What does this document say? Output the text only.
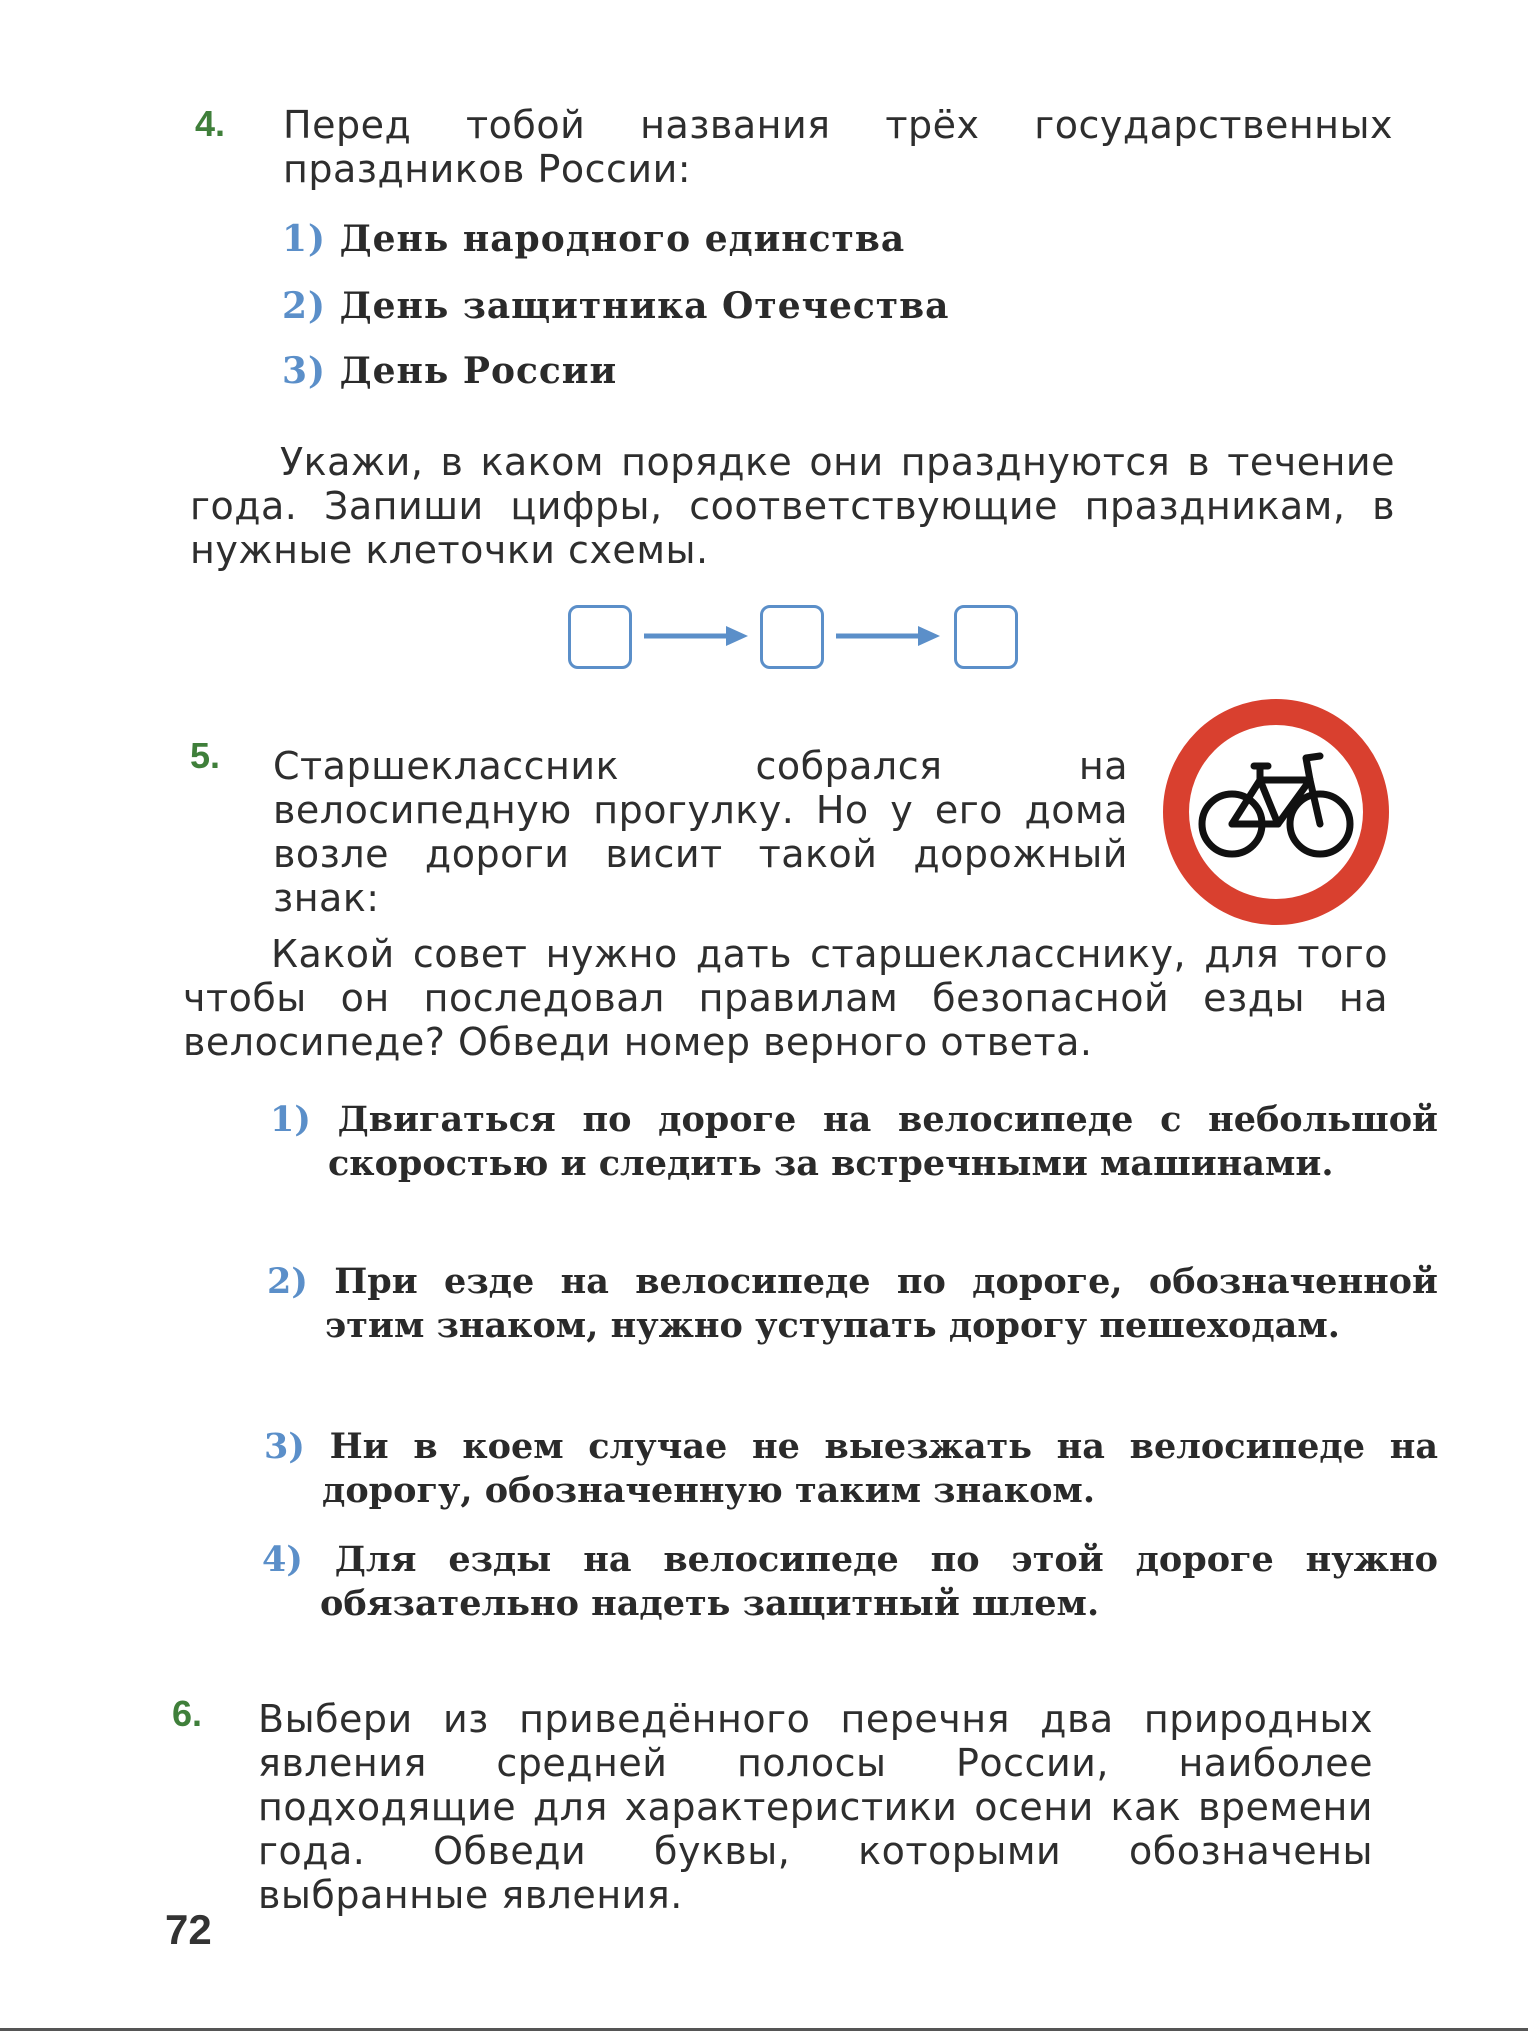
4. Перед тобой названия трёх государственных праздников России:
1) День народного единства
2) День защитника Отечества
3) День России
Укажи, в каком порядке они празднуются в течение года. Запиши цифры, соответствующие праздникам, в нужные клеточки схемы.
5. Старшеклассник собрался на велосипедную прогулку. Но у его дома возле дороги висит такой дорожный знак:
Какой совет нужно дать старшекласснику, для того чтобы он последовал правилам безопасной езды на велосипеде? Обведи номер верного ответа.
1) Двигаться по дороге на велосипеде с небольшой скоростью и следить за встречными машинами.
2) При езде на велосипеде по дороге, обозначенной этим знаком, нужно уступать дорогу пешеходам.
3) Ни в коем случае не выезжать на велосипеде на дорогу, обозначенную таким знаком.
4) Для езды на велосипеде по этой дороге нужно обязательно надеть защитный шлем.
6. Выбери из приведённого перечня два природных явления средней полосы России, наиболее подходящие для характеристики осени как времени года. Обведи буквы, которыми обозначены выбранные явления.
72
